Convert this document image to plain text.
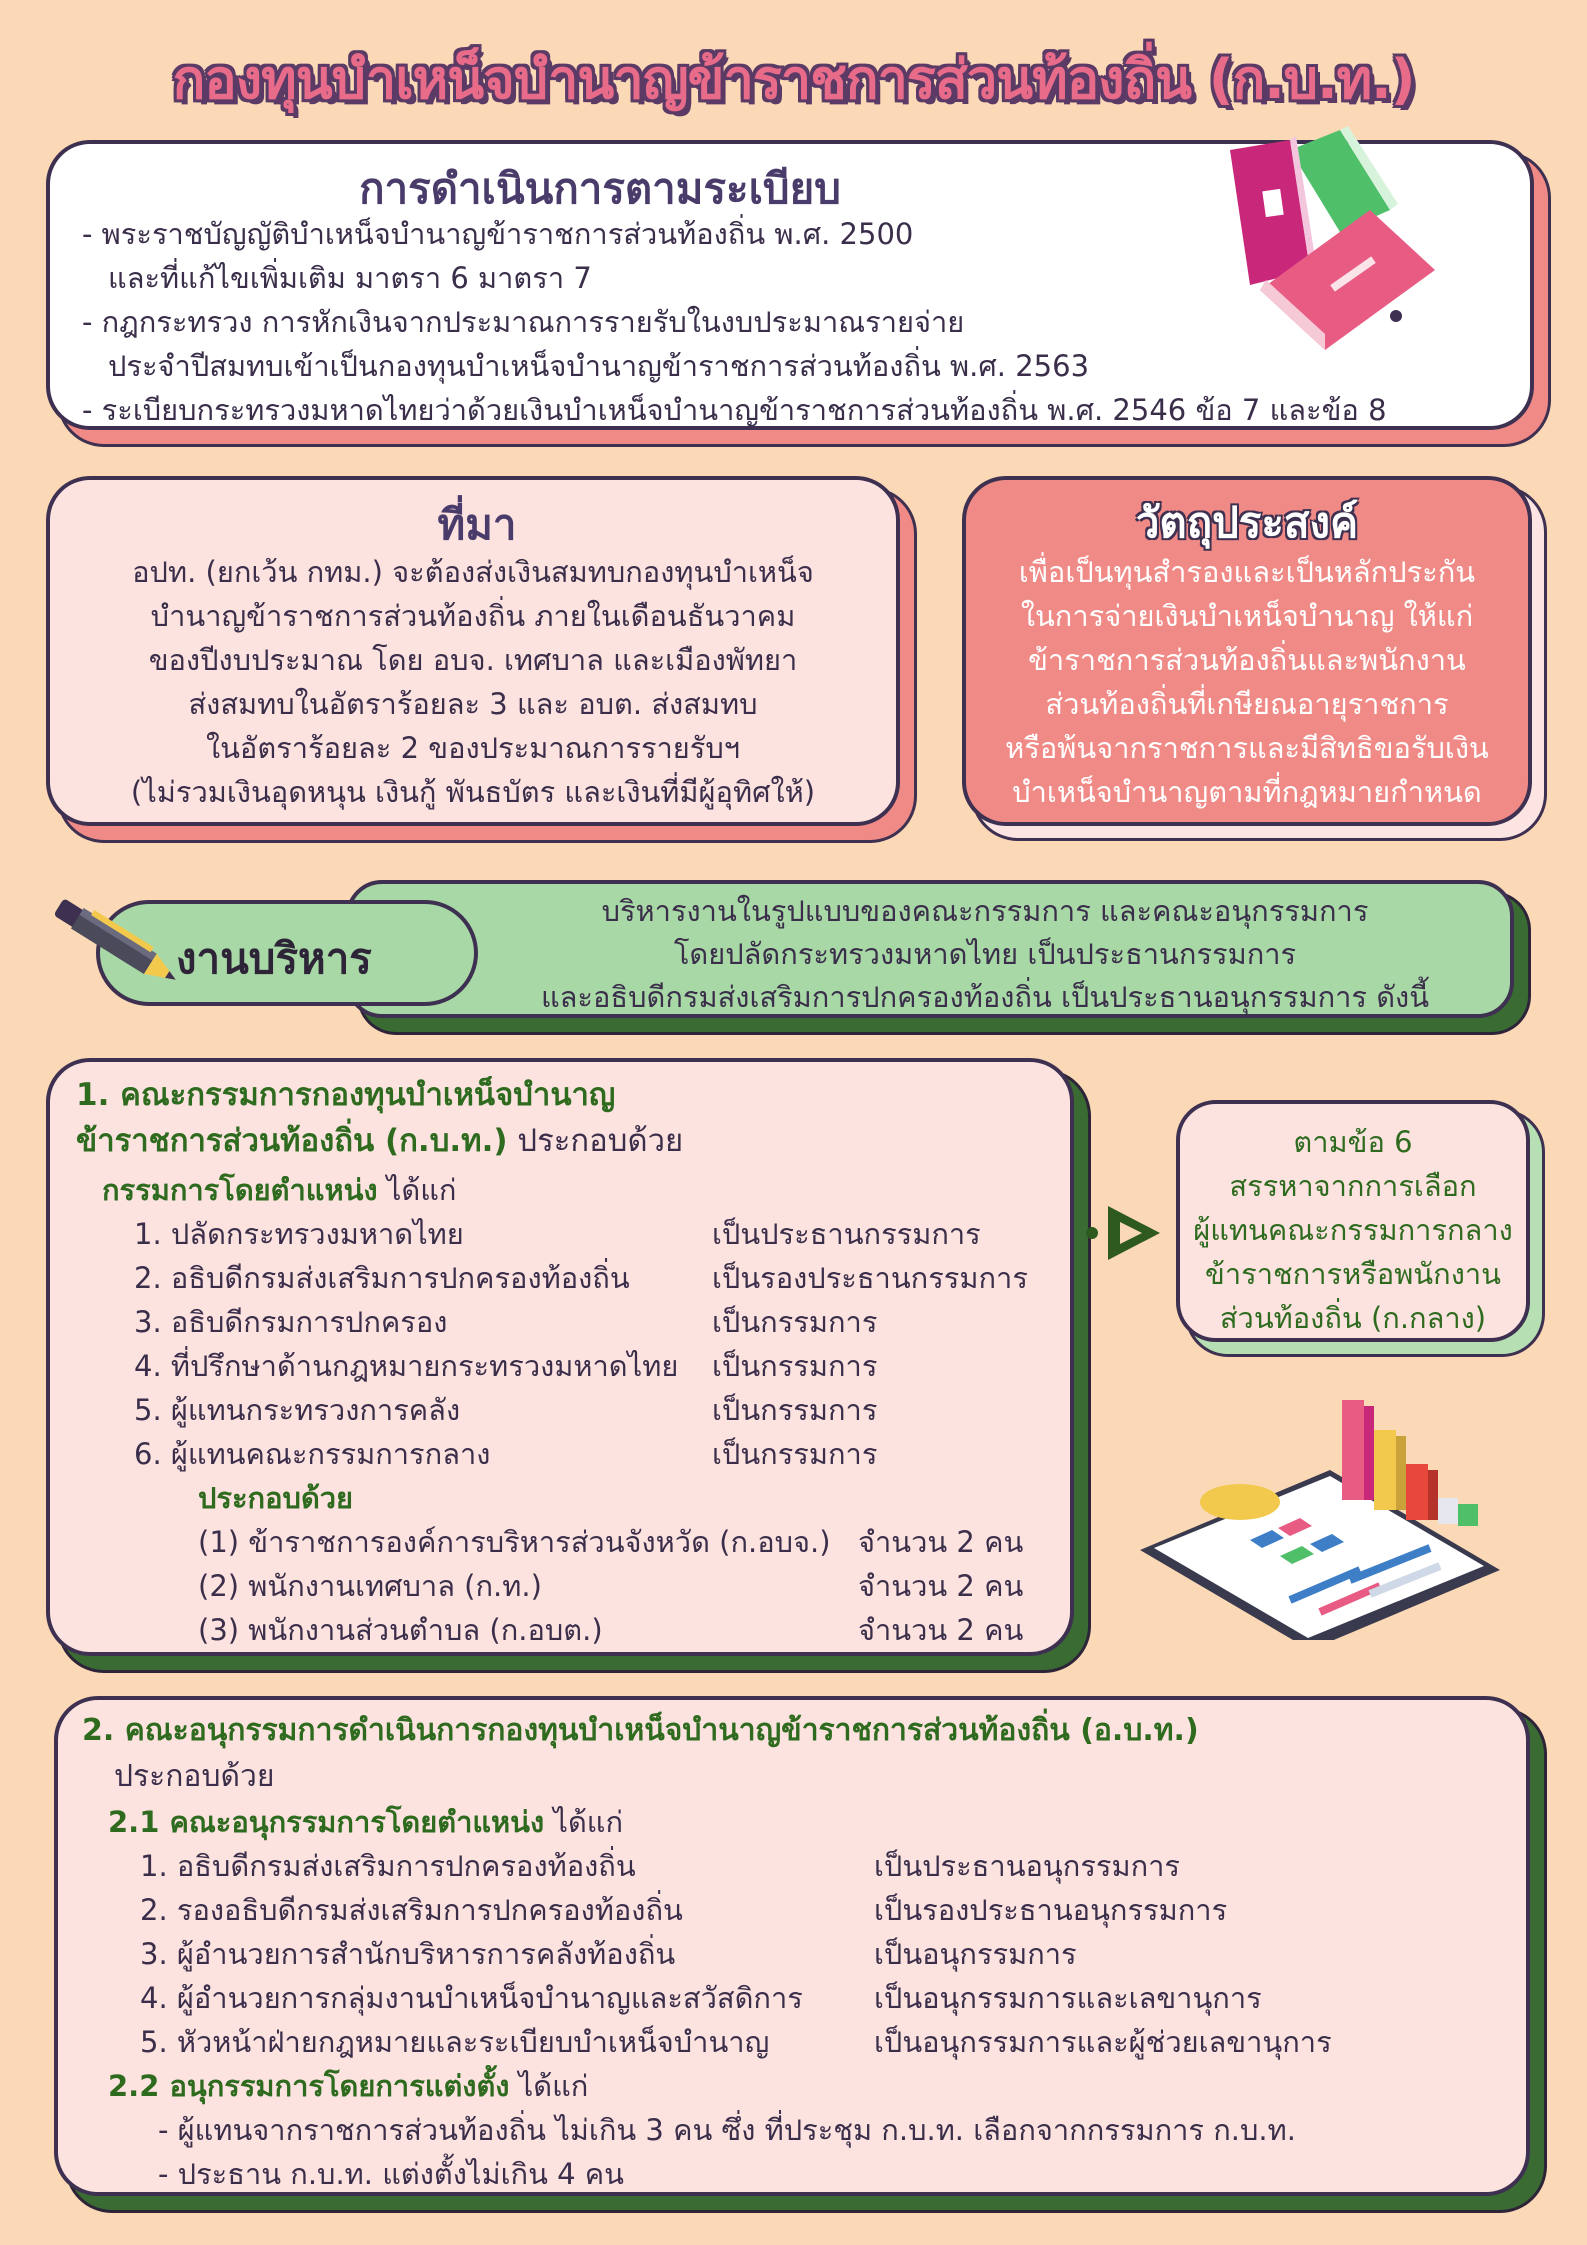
กองทุนบำเหน็จบำนาญข้าราชการส่วนท้องถิ่น (ก.บ.ท.)
การดำเนินการตามระเบียบ
- พระราชบัญญัติบำเหน็จบำนาญข้าราชการส่วนท้องถิ่น พ.ศ. 2500
และที่แก้ไขเพิ่มเติม มาตรา 6 มาตรา 7
- กฎกระทรวง การหักเงินจากประมาณการรายรับในงบประมาณรายจ่าย
ประจำปีสมทบเข้าเป็นกองทุนบำเหน็จบำนาญข้าราชการส่วนท้องถิ่น พ.ศ. 2563
- ระเบียบกระทรวงมหาดไทยว่าด้วยเงินบำเหน็จบำนาญข้าราชการส่วนท้องถิ่น พ.ศ. 2546 ข้อ 7 และข้อ 8
ที่มา
อปท. (ยกเว้น กทม.) จะต้องส่งเงินสมทบกองทุนบำเหน็จ
บำนาญข้าราชการส่วนท้องถิ่น ภายในเดือนธันวาคม
ของปีงบประมาณ โดย อบจ. เทศบาล และเมืองพัทยา
ส่งสมทบในอัตราร้อยละ 3 และ อบต. ส่งสมทบ
ในอัตราร้อยละ 2 ของประมาณการรายรับฯ
(ไม่รวมเงินอุดหนุน เงินกู้ พันธบัตร และเงินที่มีผู้อุทิศให้)
วัตถุประสงค์
เพื่อเป็นทุนสำรองและเป็นหลักประกัน
ในการจ่ายเงินบำเหน็จบำนาญ ให้แก่
ข้าราชการส่วนท้องถิ่นและพนักงาน
ส่วนท้องถิ่นที่เกษียณอายุราชการ
หรือพ้นจากราชการและมีสิทธิขอรับเงิน
บำเหน็จบำนาญตามที่กฎหมายกำหนด
บริหารงานในรูปแบบของคณะกรรมการ และคณะอนุกรรมการ
โดยปลัดกระทรวงมหาดไทย เป็นประธานกรรมการ
และอธิบดีกรมส่งเสริมการปกครองท้องถิ่น เป็นประธานอนุกรรมการ ดังนี้
งานบริหาร
1. คณะกรรมการกองทุนบำเหน็จบำนาญ
ข้าราชการส่วนท้องถิ่น (ก.บ.ท.) ประกอบด้วย
กรรมการโดยตำแหน่ง ได้แก่
1. ปลัดกระทรวงมหาดไทย	เป็นประธานกรรมการ
2. อธิบดีกรมส่งเสริมการปกครองท้องถิ่น	เป็นรองประธานกรรมการ
3. อธิบดีกรมการปกครอง	เป็นกรรมการ
4. ที่ปรึกษาด้านกฎหมายกระทรวงมหาดไทย เป็นกรรมการ
5. ผู้แทนกระทรวงการคลัง	เป็นกรรมการ
6. ผู้แทนคณะกรรมการกลาง	เป็นกรรมการ
ประกอบด้วย
(1) ข้าราชการองค์การบริหารส่วนจังหวัด (ก.อบจ.) จำนวน 2 คน
(2) พนักงานเทศบาล (ก.ท.)	จำนวน 2 คน
(3) พนักงานส่วนตำบล (ก.อบต.)	จำนวน 2 คน
ตามข้อ 6
สรรหาจากการเลือก
ผู้แทนคณะกรรมการกลาง
ข้าราชการหรือพนักงาน
ส่วนท้องถิ่น (ก.กลาง)
2. คณะอนุกรรมการดำเนินการกองทุนบำเหน็จบำนาญข้าราชการส่วนท้องถิ่น (อ.บ.ท.)
ประกอบด้วย
2.1 คณะอนุกรรมการโดยตำแหน่ง ได้แก่
1. อธิบดีกรมส่งเสริมการปกครองท้องถิ่น	เป็นประธานอนุกรรมการ
2. รองอธิบดีกรมส่งเสริมการปกครองท้องถิ่น	เป็นรองประธานอนุกรรมการ
3. ผู้อำนวยการสำนักบริหารการคลังท้องถิ่น	เป็นอนุกรรมการ
4. ผู้อำนวยการกลุ่มงานบำเหน็จบำนาญและสวัสดิการ เป็นอนุกรรมการและเลขานุการ
5. หัวหน้าฝ่ายกฎหมายและระเบียบบำเหน็จบำนาญ	เป็นอนุกรรมการและผู้ช่วยเลขานุการ
2.2 อนุกรรมการโดยการแต่งตั้ง ได้แก่
- ผู้แทนจากราชการส่วนท้องถิ่น ไม่เกิน 3 คน ซึ่ง ที่ประชุม ก.บ.ท. เลือกจากกรรมการ ก.บ.ท.
- ประธาน ก.บ.ท. แต่งตั้งไม่เกิน 4 คน
